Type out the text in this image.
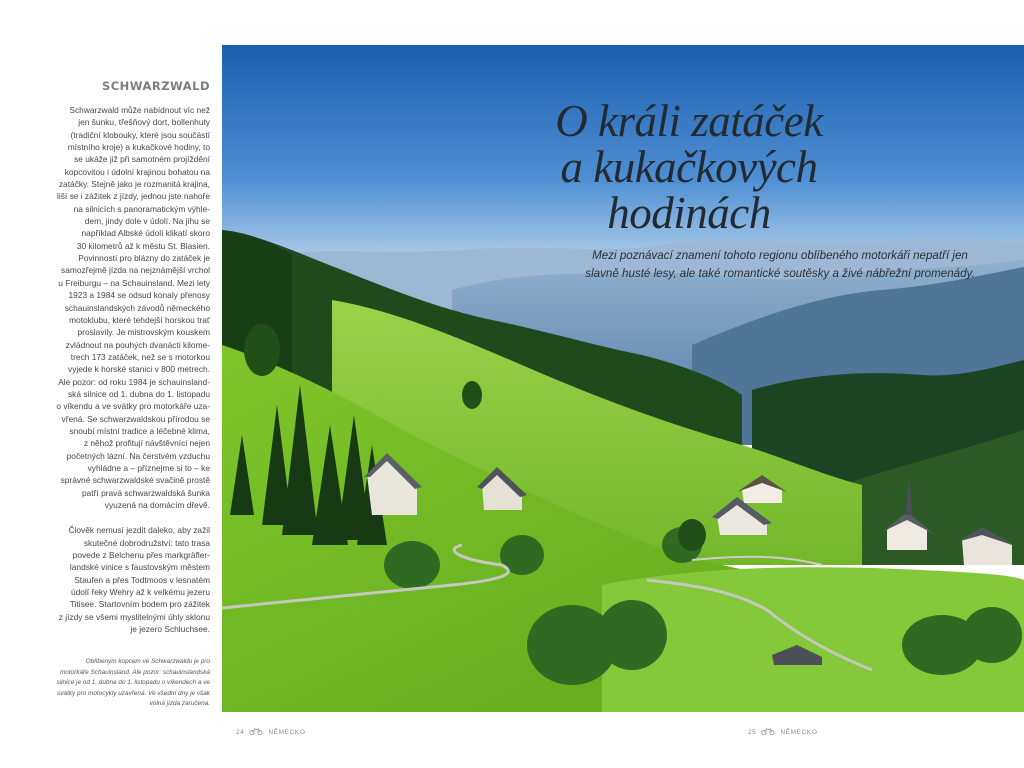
SCHWARZWALD

Schwarzwald může nabídnout víc než
jen šunku, třešňový dort, bollenhuty
(tradiční klobouky, které jsou součástí
místního kroje) a kukačkové hodiny, to
se ukáže již při samotném projíždění
kopcovitou i údolní krajinou bohatou na
zatáčky. Stejně jako je rozmanitá krajina,
liší se i zážitek z jízdy, jednou jste nahoře
na silnicích s panoramatickým výhle-
dem, jindy dole v údolí. Na jihu se
například Albské údolí klikatí skoro
30 kilometrů až k městu St. Blasien.
Povinností pro blázny do zatáček je
samozřejmě jízda na nejznámější vrchol
u Freiburgu – na Schauinsland. Mezi lety
1923 a 1984 se odsud konaly přenosy
schauinslandských závodů německého
motoklubu, které tehdejší horskou trať
proslavily. Je mistrovským kouskem
zvládnout na pouhých dvanácti kilome-
trech 173 zatáček, než se s motorkou
vyjede k horské stanici v 800 metrech.
Ale pozor: od roku 1984 je schauinsland-
ská silnice od 1. dubna do 1. listopadu
o víkendu a ve svátky pro motorkáře uza-
vřená. Se schwarzwaldskou přírodou se
snoubí místní tradice a léčebné klima,
z něhož profitují návštěvníci nejen
početných lázní. Na čerstvém vzduchu
vyhládne a – příznejme si to – ke
správné schwarzwaldské svačině prostě
patří pravá schwarzwaldská šunka
vyuzená na domácím dřevě.

Člověk nemusí jezdit daleko, aby zažil
skutečné dobrodružství: tato trasa
povede z Belchenu přes markgräfler-
landské vinice s faustovským městem
Staufen a přes Todtmoos v lesnatém
údolí řeky Wehry až k velkému jezeru
Titisee. Startovním bodem pro zážitek
z jízdy se všemi myslitelnými úhly sklonu
je jezero Schluchsee.

Oblíbeným kopcem ve Schwarzwaldu je pro
motorkáře Schauinsland. Ale pozor: schauinslandská
silnice je od 1. dubna do 1. listopadu o víkendech a ve
svátky pro motocykly uzavřená. Ve všední dny je však
volná jízda zaručena.
24	NĚMECKO
O králi zatáček
a kukačkových
hodinách
Mezi poznávací znamení tohoto regionu oblíbeného motorkáři nepatří jen
slavně husté lesy, ale také romantické soutěsky a živé nábřežní promenády.
25	NĚMECKO
